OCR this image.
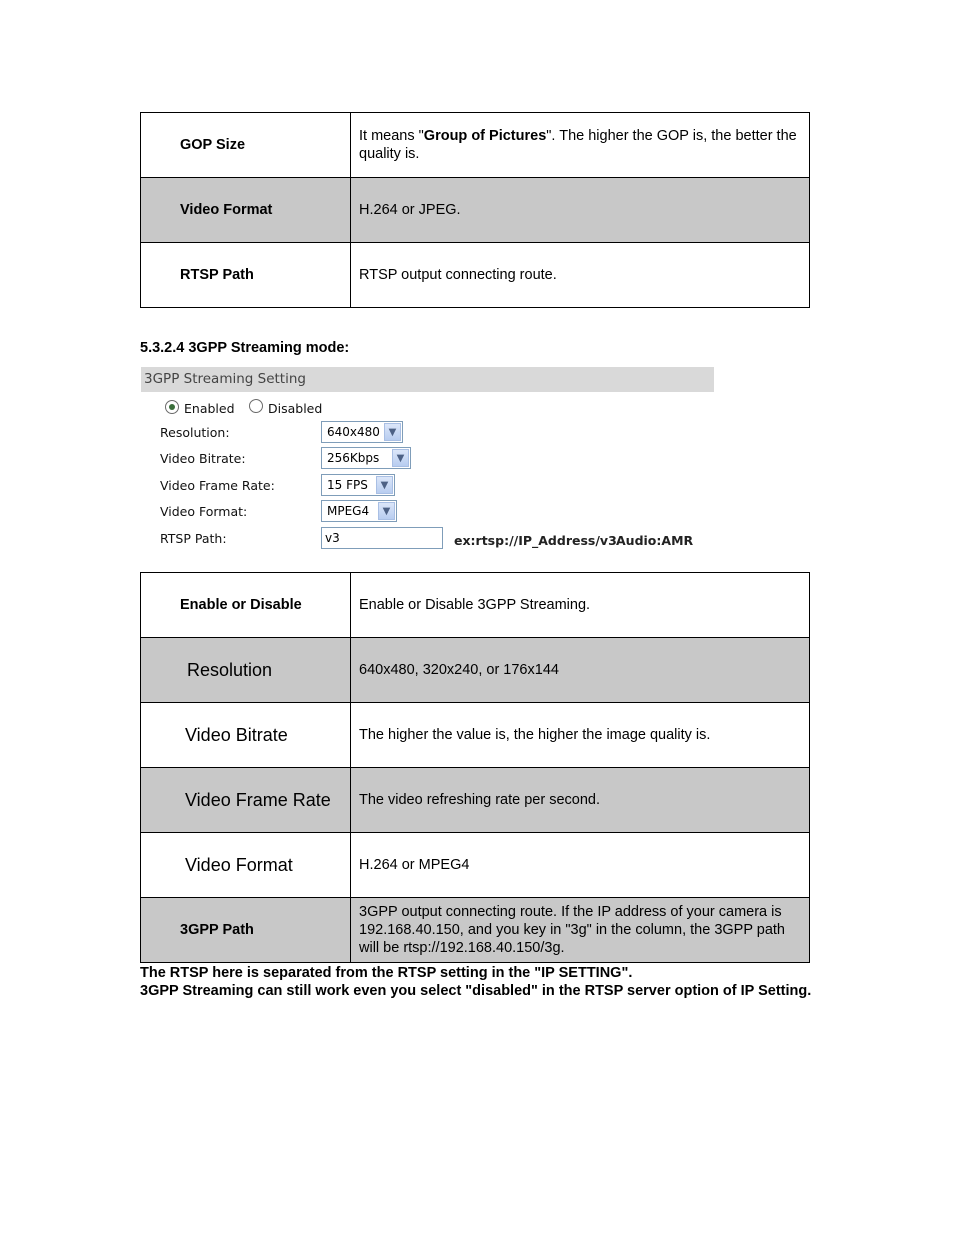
GOP Size	It means "Group of Pictures". The higher the GOP is, the better the quality is.

Video Format	H.264 or JPEG.

RTSP Path	RTSP output connecting route.
5.3.2.4 3GPP Streaming mode:
3GPP Streaming Setting
Enabled	Disabled
Resolution:	640x480 ▼
Video Bitrate:	256Kbps	▼
Video Frame Rate:	15 FPS	▼
Video Format:	MPEG4	▼
RTSP Path:	v3	ex:rtsp://IP_Address/v3 Audio:AMR
Enable or Disable	Enable or Disable 3GPP Streaming.

Resolution	640x480, 320x240, or 176x144

Video Bitrate	The higher the value is, the higher the image quality is.

Video Frame Rate	The video refreshing rate per second.

Video Format	H.264 or MPEG4

3GPP Path	3GPP output connecting route. If the IP address of your camera is 192.168.40.150, and you key in "3g" in the column, the 3GPP path will be rtsp://192.168.40.150/3g.
The RTSP here is separated from the RTSP setting in the "IP SETTING".
3GPP Streaming can still work even you select "disabled" in the RTSP server option of IP Setting.
